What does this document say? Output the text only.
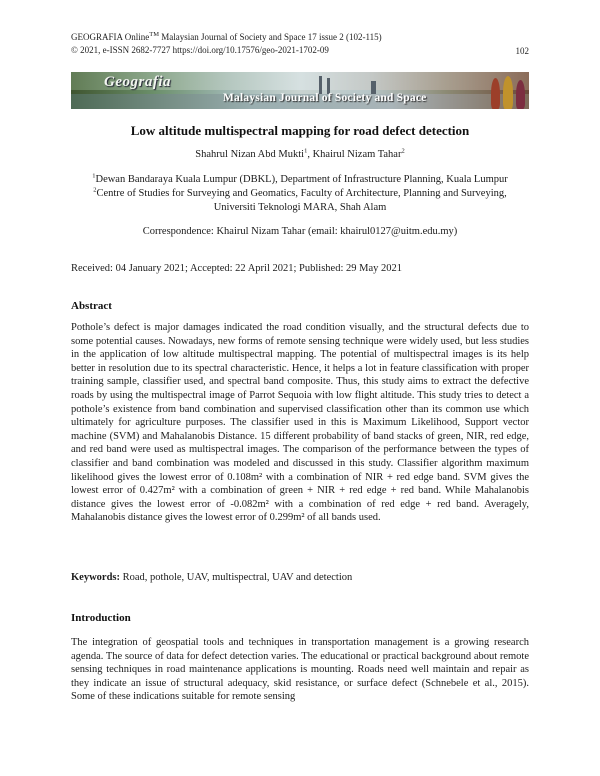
GEOGRAFIA Online™ Malaysian Journal of Society and Space 17 issue 2 (102-115)
© 2021, e-ISSN 2682-7727 https://doi.org/10.17576/geo-2021-1702-09	102
Geografia
Malaysian Journal of Society and Space
Low altitude multispectral mapping for road defect detection
Shahrul Nizan Abd Mukti$^1$, Khairul Nizam Tahar$^2$
$^1$Dewan Bandaraya Kuala Lumpur (DBKL), Department of Infrastructure Planning, Kuala Lumpur
$^2$Centre of Studies for Surveying and Geomatics, Faculty of Architecture, Planning and Surveying,
Universiti Teknologi MARA, Shah Alam
Correspondence: Khairul Nizam Tahar (email: khairul0127@uitm.edu.my)
Received: 04 January 2021; Accepted: 22 April 2021; Published: 29 May 2021
Abstract
Pothole’s defect is major damages indicated the road condition visually, and the structural defects due to some potential causes. Nowadays, new forms of remote sensing technique were widely used, but less studies in the application of low altitude multispectral mapping. The potential of multispectral images is its help better in resolution due to its spectral characteristic. Hence, it helps a lot in feature classification with proper training sample, classifier used, and spectral band composite. Thus, this study aims to extract the defective roads by using the multispectral image of Parrot Sequoia with low flight altitude. This study tries to detect a pothole’s existence from band combination and supervised classification other than its common use which ultimately for agriculture purposes. The classifier used in this is Maximum Likelihood, Support vector machine (SVM) and Mahalanobis Distance. 15 different probability of band stacks of green, NIR, red edge, and red band were used as multispectral images. The comparison of the performance between the types of classifier and band combination was modeled and discussed in this study. Classifier algorithm maximum likelihood gives the lowest error of 0.108m² with a combination of NIR + red edge band. SVM gives the lowest error of 0.427m² with a combination of green + NIR + red edge + red band. While Mahalanobis distance gives the lowest error of -0.082m² with a combination of red edge + red band. Averagely, Mahalanobis distance gives the lowest error of 0.299m² of all bands used.
Keywords: Road, pothole, UAV, multispectral, UAV and detection
Introduction
The integration of geospatial tools and techniques in transportation management is a growing research agenda. The source of data for defect detection varies. The educational or practical background about remote sensing techniques in road maintenance applications is mounting. Roads need well maintain and repair as they indicate an issue of structural adequacy, skid resistance, or surface defect (Schnebele et al., 2015). Some of these indications suitable for remote sensing
